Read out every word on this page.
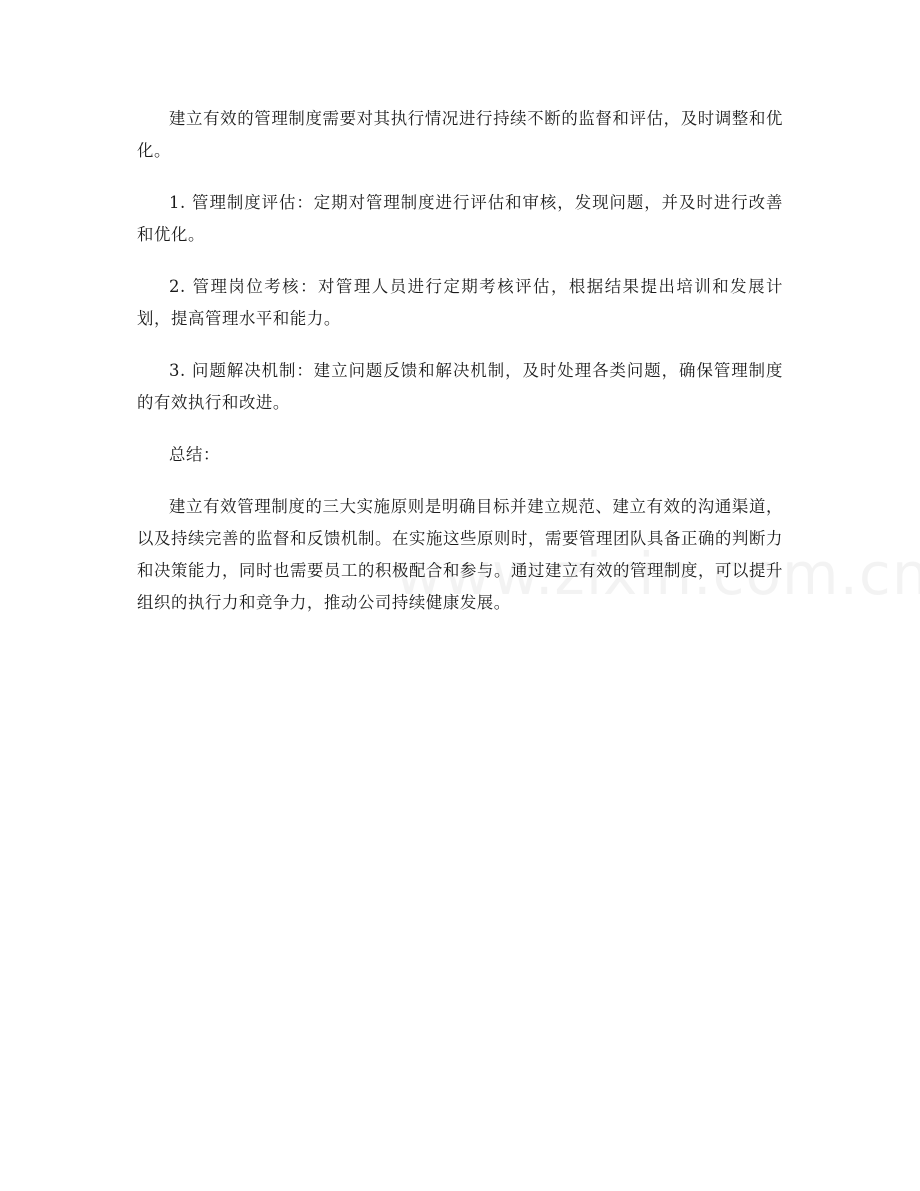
建立有效的管理制度需要对其执行情况进行持续不断的监督和评估，及时调整和优化。

1. 管理制度评估：定期对管理制度进行评估和审核，发现问题，并及时进行改善和优化。

2. 管理岗位考核：对管理人员进行定期考核评估，根据结果提出培训和发展计划，提高管理水平和能力。

3. 问题解决机制：建立问题反馈和解决机制，及时处理各类问题，确保管理制度的有效执行和改进。

总结：

建立有效管理制度的三大实施原则是明确目标并建立规范、建立有效的沟通渠道，以及持续完善的监督和反馈机制。在实施这些原则时，需要管理团队具备正确的判断力和决策能力，同时也需要员工的积极配合和参与。通过建立有效的管理制度，可以提升组织的执行力和竞争力，推动公司持续健康发展。
